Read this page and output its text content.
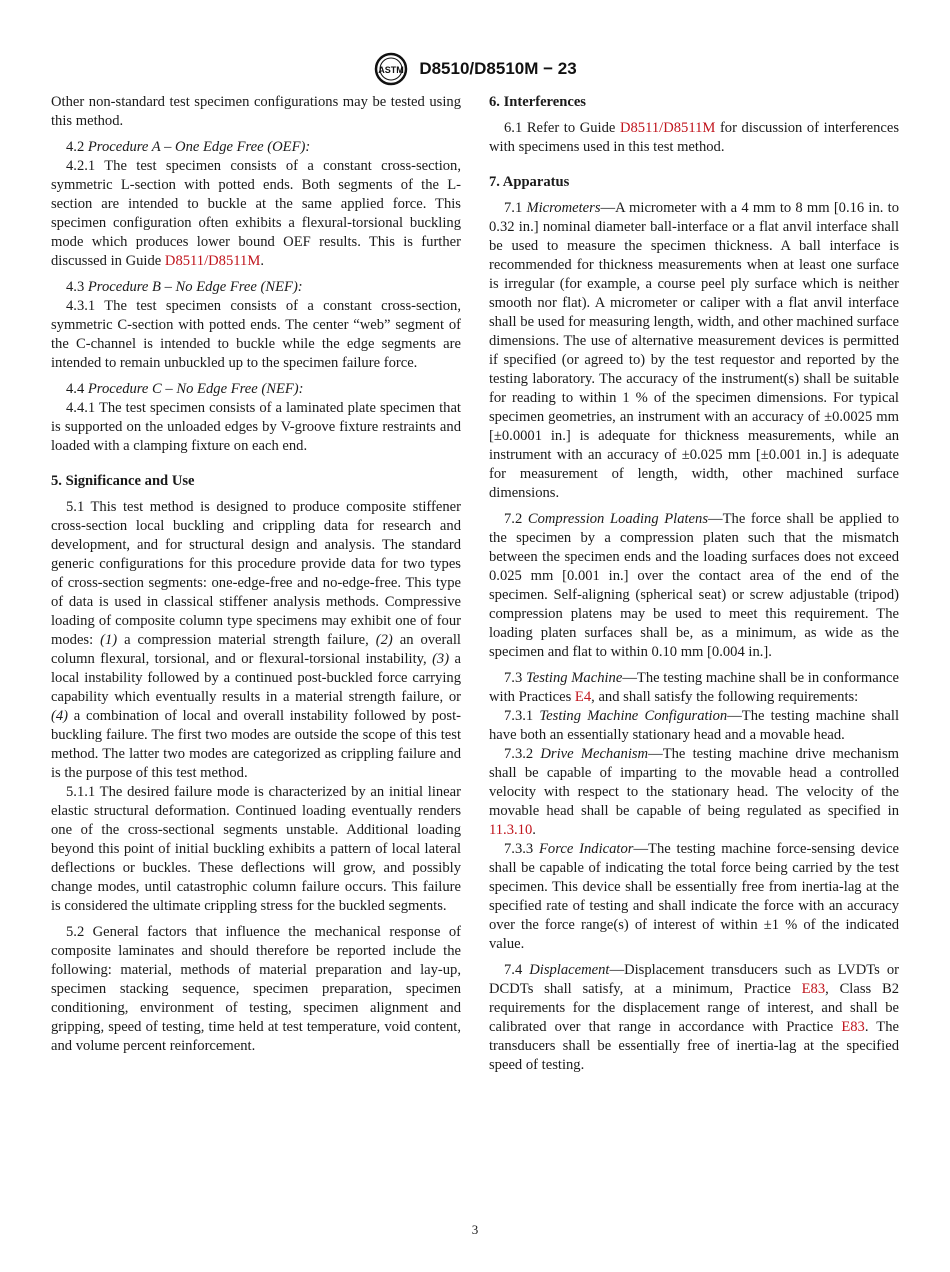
ASTM D8510/D8510M − 23

Other non-standard test specimen configurations may be tested using this method.

4.2 Procedure A – One Edge Free (OEF):

4.2.1 The test specimen consists of a constant cross-section, symmetric L-section with potted ends. Both segments of the L-section are intended to buckle at the same applied force. This specimen configuration often exhibits a flexural-torsional buckling mode which produces lower bound OEF results. This is further discussed in Guide D8511/D8511M.

4.3 Procedure B – No Edge Free (NEF):

4.3.1 The test specimen consists of a constant cross-section, symmetric C-section with potted ends. The center “web” segment of the C-channel is intended to buckle while the edge segments are intended to remain unbuckled up to the specimen failure force.

4.4 Procedure C – No Edge Free (NEF):

4.4.1 The test specimen consists of a laminated plate specimen that is supported on the unloaded edges by V-groove fixture restraints and loaded with a clamping fixture on each end.

5. Significance and Use

5.1 This test method is designed to produce composite stiffener cross-section local buckling and crippling data for research and development, and for structural design and analysis. The standard generic configurations for this procedure provide data for two types of cross-section segments: one-edge-free and no-edge-free. This type of data is used in classical stiffener analysis methods. Compressive loading of composite column type specimens may exhibit one of four modes: (1) a compression material strength failure, (2) an overall column flexural, torsional, and or flexural-torsional instability, (3) a local instability followed by a continued post-buckled force carrying capability which eventually results in a material strength failure, or (4) a combination of local and overall instability followed by post-buckling failure. The first two modes are outside the scope of this test method. The latter two modes are categorized as crippling failure and is the purpose of this test method.

5.1.1 The desired failure mode is characterized by an initial linear elastic structural deformation. Continued loading eventually renders one of the cross-sectional segments unstable. Additional loading beyond this point of initial buckling exhibits a pattern of local lateral deflections or buckles. These deflections will grow, and possibly change modes, until catastrophic column failure occurs. This failure is considered the ultimate crippling stress for the buckled segments.

5.2 General factors that influence the mechanical response of composite laminates and should therefore be reported include the following: material, methods of material preparation and lay-up, specimen stacking sequence, specimen preparation, specimen conditioning, environment of testing, specimen alignment and gripping, speed of testing, time held at test temperature, void content, and volume percent reinforcement.

6. Interferences

6.1 Refer to Guide D8511/D8511M for discussion of interferences with specimens used in this test method.

7. Apparatus

7.1 Micrometers—A micrometer with a 4 mm to 8 mm [0.16 in. to 0.32 in.] nominal diameter ball-interface or a flat anvil interface shall be used to measure the specimen thickness. A ball interface is recommended for thickness measurements when at least one surface is irregular (for example, a course peel ply surface which is neither smooth nor flat). A micrometer or caliper with a flat anvil interface shall be used for measuring length, width, and other machined surface dimensions. The use of alternative measurement devices is permitted if specified (or agreed to) by the test requestor and reported by the testing laboratory. The accuracy of the instrument(s) shall be suitable for reading to within 1 % of the specimen dimensions. For typical specimen geometries, an instrument with an accuracy of ±0.0025 mm [±0.0001 in.] is adequate for thickness measurements, while an instrument with an accuracy of ±0.025 mm [±0.001 in.] is adequate for measurement of length, width, other machined surface dimensions.

7.2 Compression Loading Platens—The force shall be applied to the specimen by a compression platen such that the mismatch between the specimen ends and the loading surfaces does not exceed 0.025 mm [0.001 in.] over the contact area of the end of the specimen. Self-aligning (spherical seat) or screw adjustable (tripod) compression platens may be used to meet this requirement. The loading platen surfaces shall be, as a minimum, as wide as the specimen and flat to within 0.10 mm [0.004 in.].

7.3 Testing Machine—The testing machine shall be in conformance with Practices E4, and shall satisfy the following requirements:

7.3.1 Testing Machine Configuration—The testing machine shall have both an essentially stationary head and a movable head.

7.3.2 Drive Mechanism—The testing machine drive mechanism shall be capable of imparting to the movable head a controlled velocity with respect to the stationary head. The velocity of the movable head shall be capable of being regulated as specified in 11.3.10.

7.3.3 Force Indicator—The testing machine force-sensing device shall be capable of indicating the total force being carried by the test specimen. This device shall be essentially free from inertia-lag at the specified rate of testing and shall indicate the force with an accuracy over the force range(s) of interest of within ±1 % of the indicated value.

7.4 Displacement—Displacement transducers such as LVDTs or DCDTs shall satisfy, at a minimum, Practice E83, Class B2 requirements for the displacement range of interest, and shall be calibrated over that range in accordance with Practice E83. The transducers shall be essentially free of inertia-lag at the specified speed of testing.

3
